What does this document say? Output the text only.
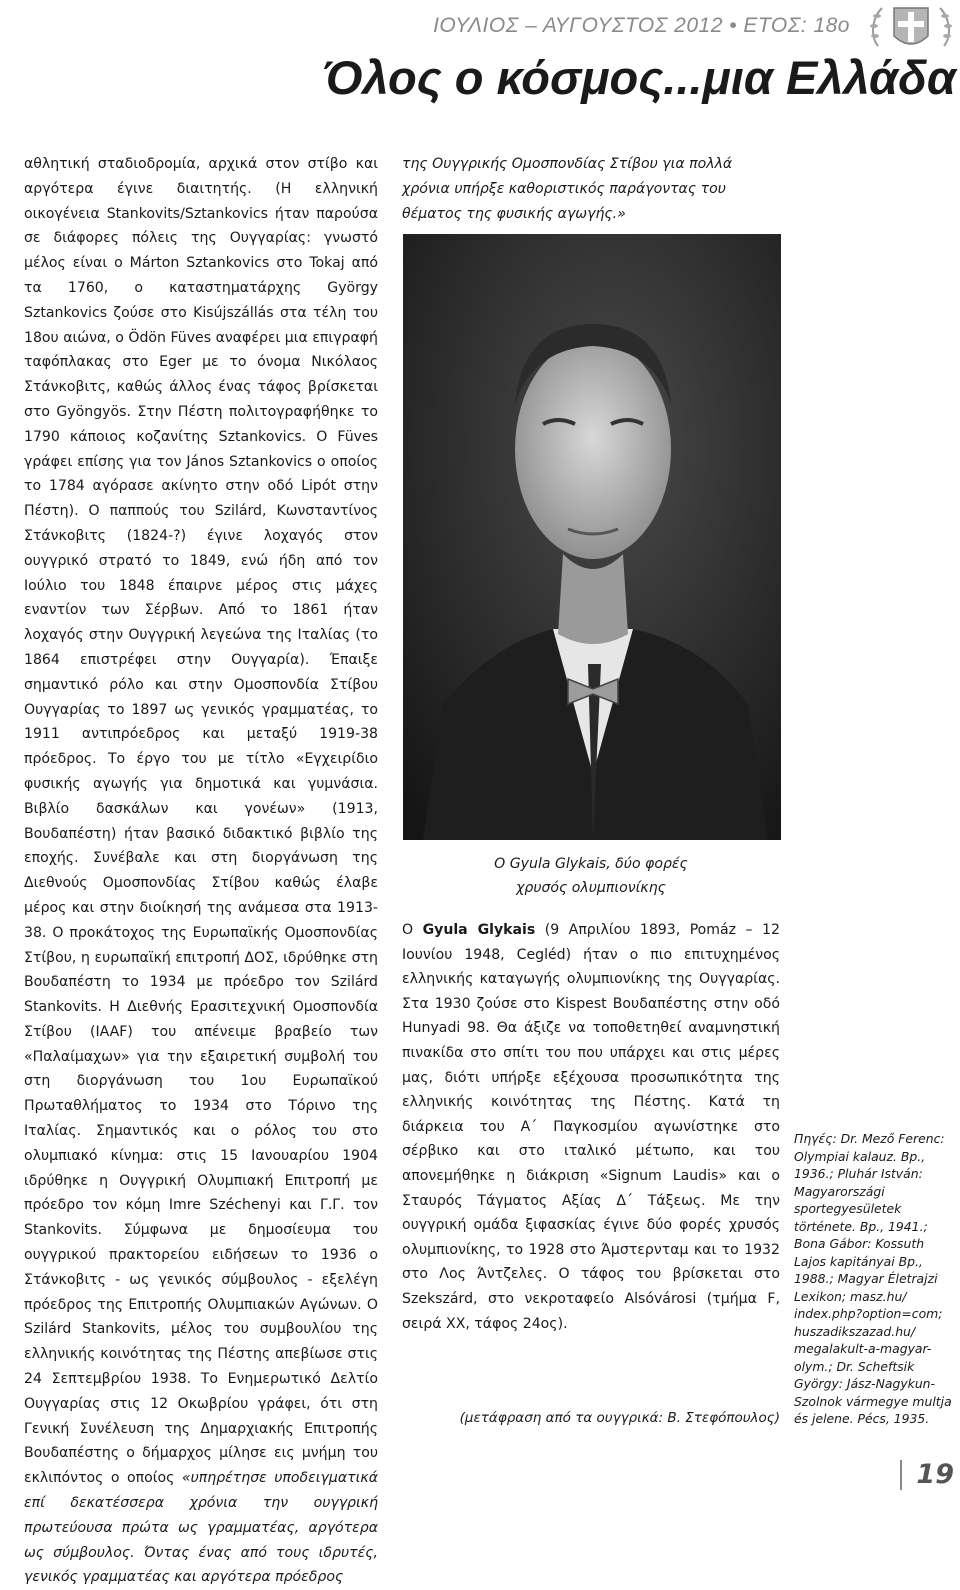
ΙΟΥΛΙΟΣ – ΑΥΓΟΥΣΤΟΣ 2012 • ΕΤΟΣ: 18ο
Όλος ο κόσμος...μια Ελλάδα

αθλητική σταδιοδρομία, αρχικά στον στίβο και αργότερα έγινε διαιτητής. (Η ελληνική οικογένεια Stankovits/Sztankovics ήταν παρούσα σε διάφορες πόλεις της Ουγγαρίας: γνωστό μέλος είναι ο Márton Sztankovics στο Tokaj από τα 1760, ο καταστηματάρχης György Sztankovics ζούσε στο Kisújszállás στα τέλη του 18ου αιώνα, ο Ödön Füves αναφέρει μια επιγραφή ταφόπλακας στο Eger με το όνομα Νικόλαος Στάνκοβιτς, καθώς άλλος ένας τάφος βρίσκεται στο Gyöngyös. Στην Πέστη πολιτογραφήθηκε το 1790 κάποιος κοζανίτης Sztankovics. Ο Füves γράφει επίσης για τον János Sztankovics ο οποίος το 1784 αγόρασε ακίνητο στην οδό Lipót στην Πέστη). Ο παππούς του Szilárd, Κωνσταντίνος Στάνκοβιτς (1824-?) έγινε λοχαγός στον ουγγρικό στρατό το 1849, ενώ ήδη από τον Ιούλιο του 1848 έπαιρνε μέρος στις μάχες εναντίον των Σέρβων. Από το 1861 ήταν λοχαγός στην Ουγγρική λεγεώνα της Ιταλίας (το 1864 επιστρέφει στην Ουγγαρία). Έπαιξε σημαντικό ρόλο και στην Ομοσπονδία Στίβου Ουγγαρίας το 1897 ως γενικός γραμματέας, το 1911 αντιπρόεδρος και μεταξύ 1919-38 πρόεδρος. Το έργο του με τίτλο «Εγχειρίδιο φυσικής αγωγής για δημοτικά και γυμνάσια. Βιβλίο δασκάλων και γονέων» (1913, Βουδαπέστη) ήταν βασικό διδακτικό βιβλίο της εποχής. Συνέβαλε και στη διοργάνωση της Διεθνούς Ομοσπονδίας Στίβου καθώς έλαβε μέρος και στην διοίκησή της ανάμεσα στα 1913-38. Ο προκάτοχος της Ευρωπαϊκής Ομοσπονδίας Στίβου, η ευρωπαϊκή επιτροπή ΔΟΣ, ιδρύθηκε στη Βουδαπέστη το 1934 με πρόεδρο τον Szilárd Stankovits. Η Διεθνής Ερασιτεχνική Ομοσπονδία Στίβου (IAAF) του απένειμε βραβείο των «Παλαίμαχων» για την εξαιρετική συμβολή του στη διοργάνωση του 1ου Ευρωπαϊκού Πρωταθλήματος το 1934 στο Τόρινο της Ιταλίας. Σημαντικός και ο ρόλος του στο ολυμπιακό κίνημα: στις 15 Ιανουαρίου 1904 ιδρύθηκε η Ουγγρική Ολυμπιακή Επιτροπή με πρόεδρο τον κόμη Imre Széchenyi και Γ.Γ. τον Stankovits. Σύμφωνα με δημοσίευμα του ουγγρικού πρακτορείου ειδήσεων το 1936 ο Στάνκοβιτς - ως γενικός σύμβουλος - εξελέγη πρόεδρος της Επιτροπής Ολυμπιακών Αγώνων. Ο Szilárd Stankovits, μέλος του συμβουλίου της ελληνικής κοινότητας της Πέστης απεβίωσε στις 24 Σεπτεμβρίου 1938. Το Ενημερωτικό Δελτίο Ουγγαρίας στις 12 Οκωβρίου γράφει, ότι στη Γενική Συνέλευση της Δημαρχιακής Επιτροπής Βουδαπέστης ο δήμαρχος μίλησε εις μνήμη του εκλιπόντος ο οποίος «υπηρέτησε υποδειγματικά επί δεκατέσσερα χρόνια την ουγγρική πρωτεύουσα πρώτα ως γραμματέας, αργότερα ως σύμβουλος. Όντας ένας από τους ιδρυτές, γενικός γραμματέας και αργότερα πρόεδρος

της Ουγγρικής Ομοσπονδίας Στίβου για πολλά χρόνια υπήρξε καθοριστικός παράγοντας του θέματος της φυσικής αγωγής.»

Ο Gyula Glykais, δύο φορές
χρυσός ολυμπιονίκης

Ο Gyula Glykais (9 Απριλίου 1893, Pomáz – 12 Ιουνίου 1948, Cegléd) ήταν ο πιο επιτυχημένος ελληνικής καταγωγής ολυμπιονίκης της Ουγγαρίας. Στα 1930 ζούσε στο Kispest Βουδαπέστης στην οδό Hunyadi 98. Θα άξιζε να τοποθετηθεί αναμνηστική πινακίδα στο σπίτι του που υπάρχει και στις μέρες μας, διότι υπήρξε εξέχουσα προσωπικότητα της ελληνικής κοινότητας της Πέστης. Κατά τη διάρκεια του Α΄ Παγκοσμίου αγωνίστηκε στο σέρβικο και στο ιταλικό μέτωπο, και του απονεμήθηκε η διάκριση «Signum Laudis» και ο Σταυρός Τάγματος Αξίας Δ΄ Τάξεως. Με την ουγγρική ομάδα ξιφασκίας έγινε δύο φορές χρυσός ολυμπιονίκης, το 1928 στο Άμστερνταμ και το 1932 στο Λος Άντζελες. Ο τάφος του βρίσκεται στο Szekszárd, στο νεκροταφείο Alsóvárosi (τμήμα F, σειρά XX, τάφος 24ος).

(μετάφραση από τα ουγγρικά: Β. Στεφόπουλος)
Πηγές: Dr. Mező Ferenc: Olympiai kalauz. Bp., 1936.; Pluhár István: Magyarországi sportegyesületek története. Bp., 1941.; Bona Gábor: Kossuth Lajos kapitányai Bp., 1988.; Magyar Életrajzi Lexikon; masz.hu/ index.php?option=com; huszadikszazad.hu/ megalakult-a-magyar-olym.; Dr. Scheftsik György: Jász-Nagykun-Szolnok vármegye multja és jelene. Pécs, 1935.
19
